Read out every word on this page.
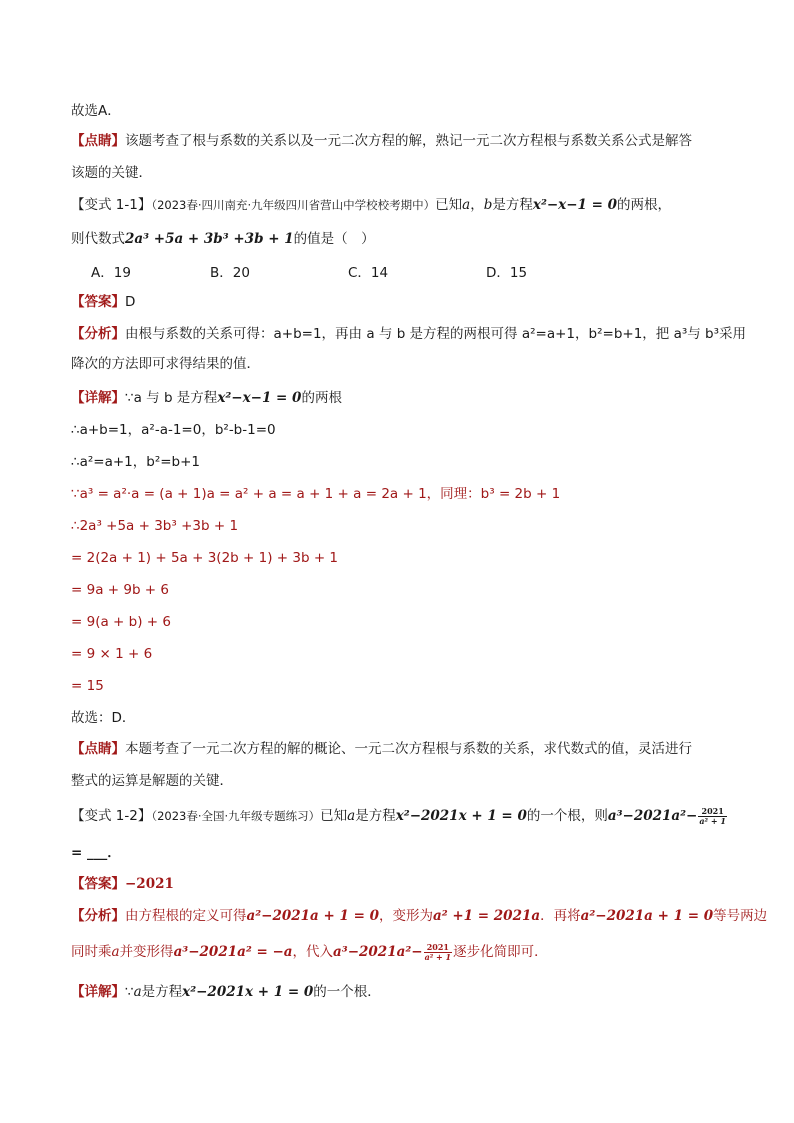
故选A．
【点睛】该题考查了根与系数的关系以及一元二次方程的解，熟记一元二次方程根与系数关系公式是解答
该题的关键．
【变式 1-1】（2023春·四川南充·九年级四川省营山中学校校考期中）已知a，b是方程x²−x−1 = 0的两根，
则代数式2a³ +5a + 3b³ +3b + 1的值是（　）
A．19	B．20	C．14	D．15
【答案】D
【分析】由根与系数的关系可得：a+b=1，再由 a 与 b 是方程的两根可得 a²=a+1，b²=b+1，把 a³与 b³采用
降次的方法即可求得结果的值．
【详解】∵a 与 b 是方程x²−x−1 = 0的两根
∴a+b=1，a²-a-1=0，b²-b-1=0
∴a²=a+1，b²=b+1
∵a³ = a²·a = (a + 1)a = a² + a = a + 1 + a = 2a + 1，同理：b³ = 2b + 1
∴2a³ +5a + 3b³ +3b + 1
= 2(2a + 1) + 5a + 3(2b + 1) + 3b + 1
= 9a + 9b + 6
= 9(a + b) + 6
= 9 × 1 + 6
= 15
故选：D．
【点睛】本题考查了一元二次方程的解的概论、一元二次方程根与系数的关系，求代数式的值，灵活进行
整式的运算是解题的关键．
【变式 1-2】（2023春·全国·九年级专题练习）已知a是方程x²−2021x + 1 = 0的一个根，则$a^3-2021a^2- \frac{2021}{\text{a² + 1}}$
= ___．
【答案】−2021
【分析】由方程根的定义可得a²−2021a + 1 = 0，变形为a² +1 = 2021a．再将a²−2021a + 1 = 0等号两边
同时乘a并变形得a³−2021a² = −a，代入$a^3-2021a^2- \frac{2021}{\text{a² + 1}}$ 逐步化简即可．
【详解】∵a是方程x²−2021x + 1 = 0的一个根．
